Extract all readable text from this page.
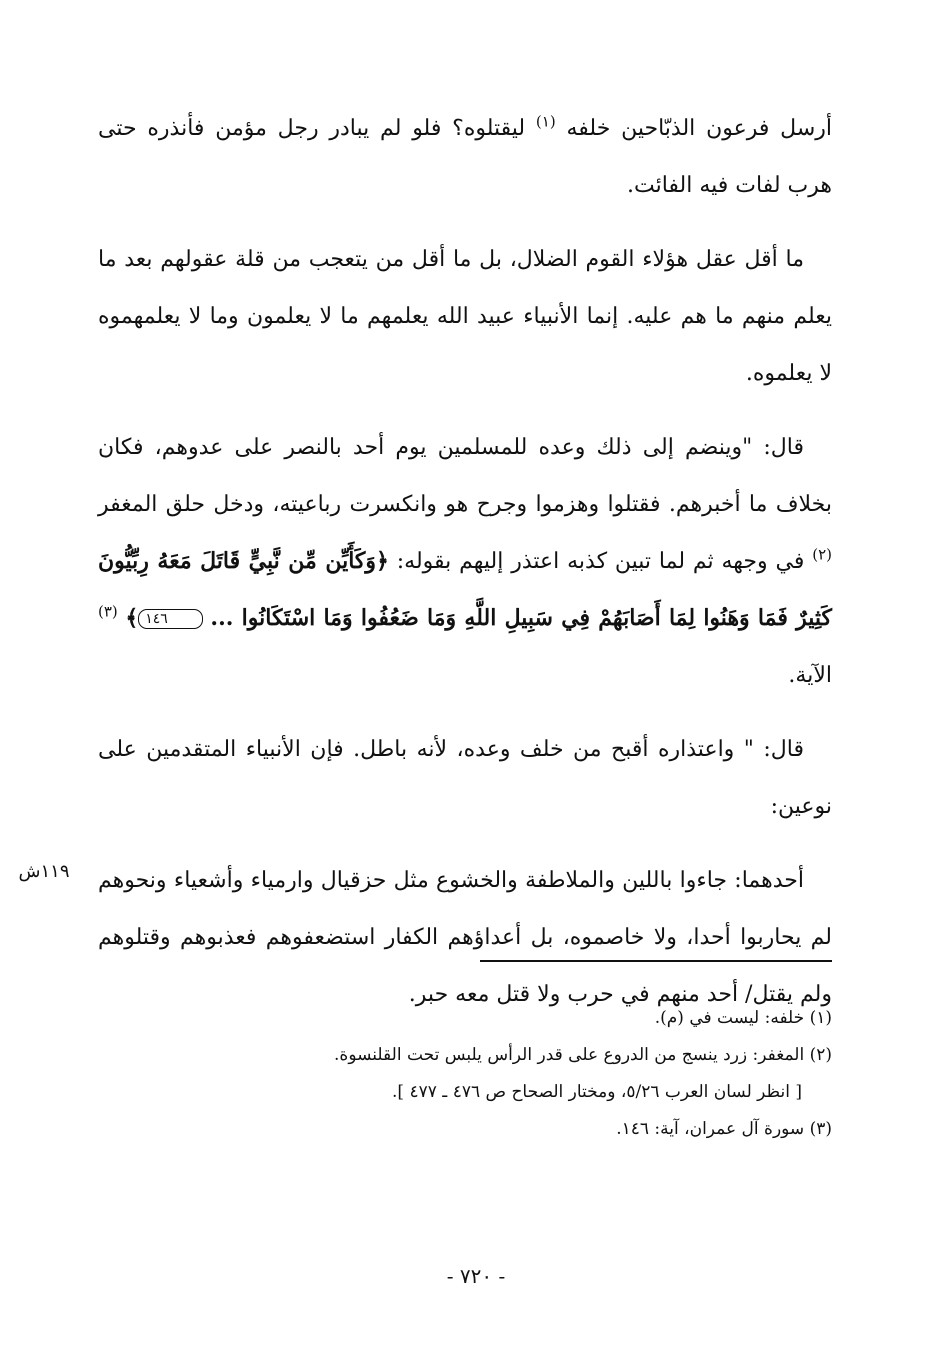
أرسل فرعون الذبّاحين خلفه $^{(١)}$ ليقتلوه؟ فلو لم يبادر رجل مؤمن فأنذره حتى هرب لفات فيه الفائت.

ما أقل عقل هؤلاء القوم الضلال، بل ما أقل من يتعجب من قلة عقولهم بعد ما يعلم منهم ما هم عليه. إنما الأنبياء عبيد الله يعلمهم ما لا يعلمون وما لا يعلمهموه لا يعلموه.

قال: "وينضم إلى ذلك وعده للمسلمين يوم أحد بالنصر على عدوهم، فكان بخلاف ما أخبرهم. فقتلوا وهزموا وجرح هو وانكسرت رباعيته، ودخل حلق المغفر $^{(٢)}$ في وجهه ثم لما تبين كذبه اعتذر إليهم بقوله: ﴿وَكَأَيِّن مِّن نَّبِيٍّ قَاتَلَ مَعَهُ رِبِّيُّونَ كَثِيرٌ فَمَا وَهَنُوا لِمَا أَصَابَهُمْ فِي سَبِيلِ اللَّهِ وَمَا ضَعُفُوا وَمَا اسْتَكَانُوا ... ١٤٦﴾ $^{(٣)}$ الآية.

قال: " واعتذاره أقبح من خلف وعده، لأنه باطل. فإن الأنبياء المتقدمين على نوعين:

أحدهما: جاءوا باللين والملاطفة والخشوع مثل حزقيال وارمياء وأشعياء ونحوهم لم يحاربوا أحدا، ولا خاصموه، بل أعداؤهم الكفار استضعفوهم فعذبوهم وقتلوهم ولم يقتل/ أحد منهم في حرب ولا قتل معه حبر.

١١٩ش

(١) خلفه: ليست في (م).

(٢) المغفر: زرد ينسج من الدروع على قدر الرأس يلبس تحت القلنسوة.

[ انظر لسان العرب ٥/٢٦، ومختار الصحاح ص ٤٧٦ ـ ٤٧٧ ].

(٣) سورة آل عمران، آية: ١٤٦.

- ٧٢٠ -
